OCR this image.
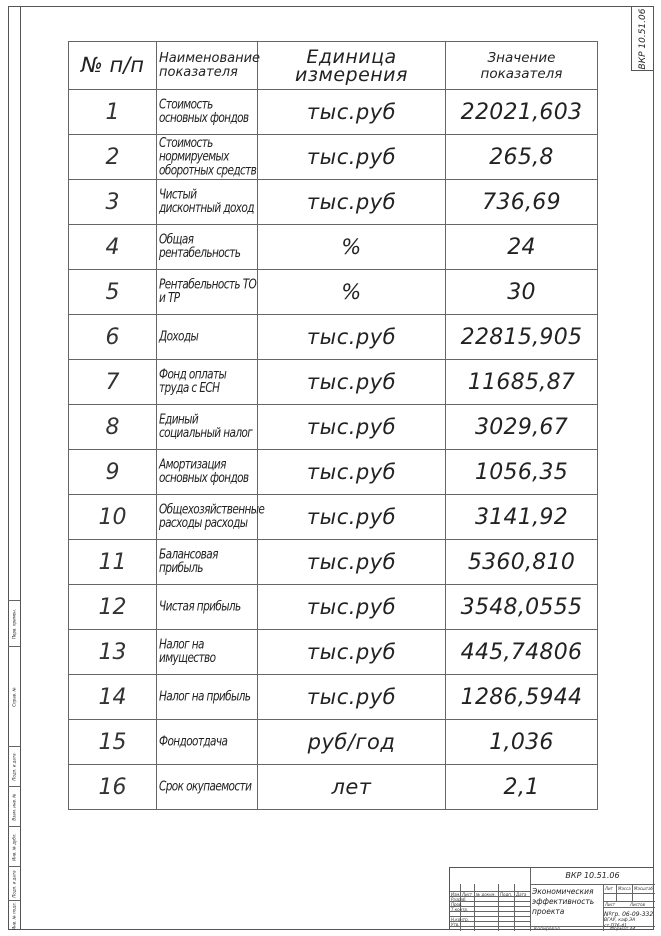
ВКР 10.51.06
Перв. примен.
Справ. №
Подп. и дата
Взам. инв. №
Инв. № дубл.
Подп. и дата
Инв. № подл.
№ п/п	Наименование показателя	Единица измерения	Значение показателя
1	Стоимость основных фондов	тыс.руб	22021,603
2	Стоимость нормируемых оборотных средств	тыс.руб	265,8
3	Чистый дисконтный доход	тыс.руб	736,69
4	Общая рентабельность	%	24
5	Рентабельность ТО и ТР	%	30
6	Доходы	тыс.руб	22815,905
7	Фонд оплаты труда с ЕСН	тыс.руб	11685,87
8	Единый социальный налог	тыс.руб	3029,67
9	Амортизация основных фондов	тыс.руб	1056,35
10	Общехозяйственные расходы расходы	тыс.руб	3141,92
11	Балансовая прибыль	тыс.руб	5360,810
12	Чистая прибыль	тыс.руб	3548,0555
13	Налог на имущество	тыс.руб	445,74806
14	Налог на прибыль	тыс.руб	1286,5944
15	Фондоотдача	руб/год	1,036
16	Срок окупаемости	лет	2,1
ВКР 10.51.06
Экономическия эффективность проекта
Лит Масса Масштаб
Лист	Листов
Изм. Лист № докум. Подп. Дата
Разраб.
Пров.
Т.контр.
Н.контр.
Утв.
Nºгр. 06-09-332
ВГАУ, каф.ЭА
ст.П76-41
Копировал	Формат А4
